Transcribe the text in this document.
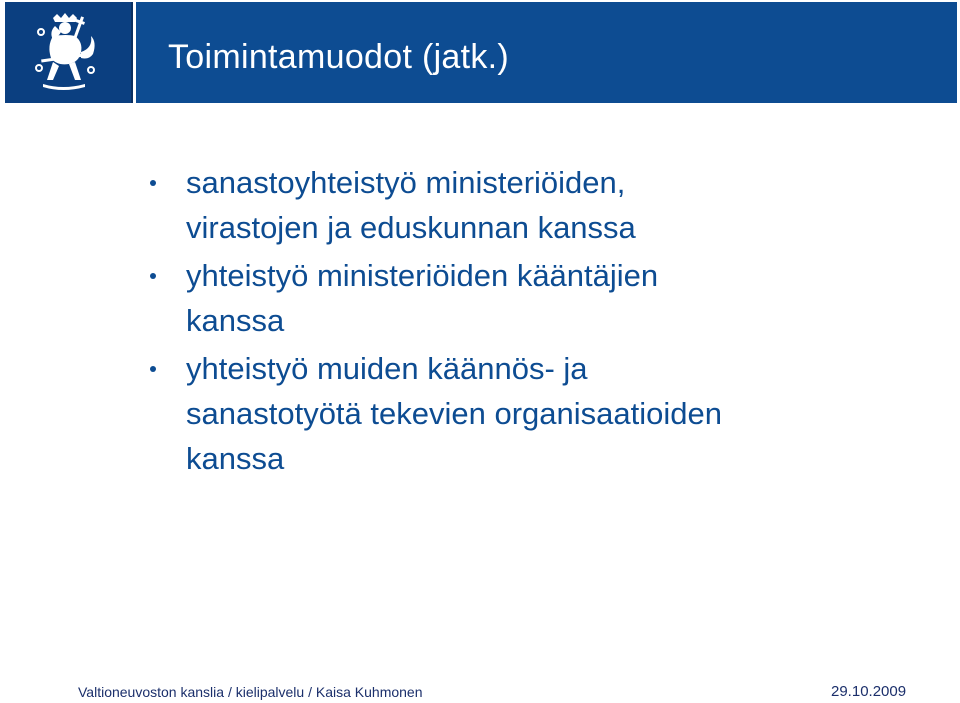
Toimintamuodot (jatk.)
sanastoyhteistyö ministeriöiden,
virastojen ja eduskunnan kanssa
yhteistyö ministeriöiden kääntäjien
kanssa
yhteistyö muiden käännös- ja
sanastotyötä tekevien organisaatioiden
kanssa
Valtioneuvoston kanslia / kielipalvelu / Kaisa Kuhmonen	29.10.2009
